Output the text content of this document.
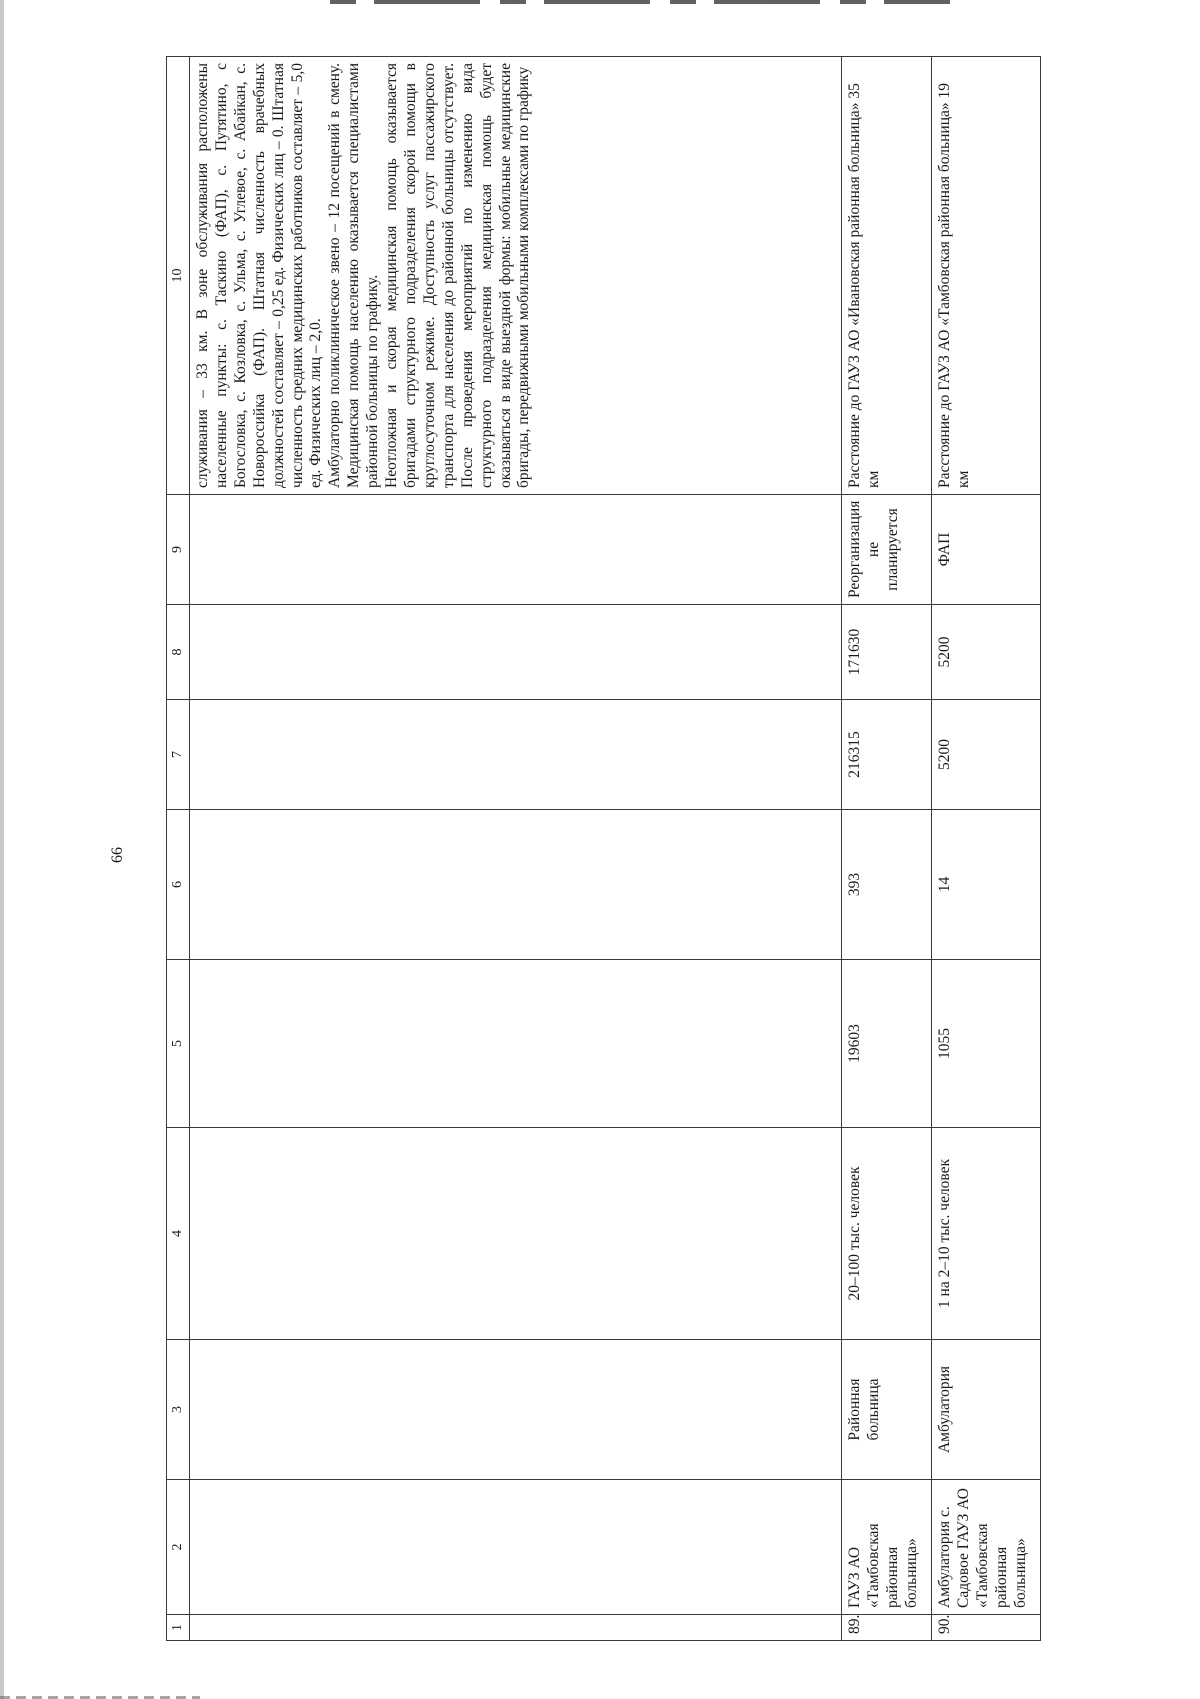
66
1	2	3	4	5	6	7	8	9	10

									служивания – 33 км. В зоне обслуживания расположены населенные пункты: с. Таскино (ФАП), с. Путятино, с Богословка, с. Козловка, с. Ульма, с. Углевое, с. Абайкан, с. Новороссийка (ФАП). Штатная численность врачебных должностей составляет – 0,25 ед. Физических лиц – 0. Штатная численность средних медицинских работников составляет – 5,0 ед. Физических лиц – 2,0. Амбулаторно поликлиническое звено – 12 посещений в смену. Медицинская помощь населению оказывается специалистами районной больницы по графику. Неотложная и скорая медицинская помощь оказывается бригадами структурного подразделения скорой помощи в круглосуточном режиме. Доступность услуг пассажирского транспорта для населения до районной больницы отсутствует. После проведения мероприятий по изменению вида структурного подразделения медицинская помощь будет оказываться в виде выездной формы: мобильные медицинские бригады, передвижными мобильными комплексами по графику

89.	ГАУЗ АО «Тамбовская районная больница»	Районная больница	20–100 тыс. человек	19603	393	216315	171630	Реорганизация не планируется	Расстояние до ГАУЗ АО «Ивановская районная больница» 35 км
90.	Амбулатория с. Садовое ГАУЗ АО «Тамбовская районная больница»	Амбулатория	1 на 2–10 тыс. человек	1055	14	5200	5200	ФАП	Расстояние до ГАУЗ АО «Тамбовская районная больница» 19 км
